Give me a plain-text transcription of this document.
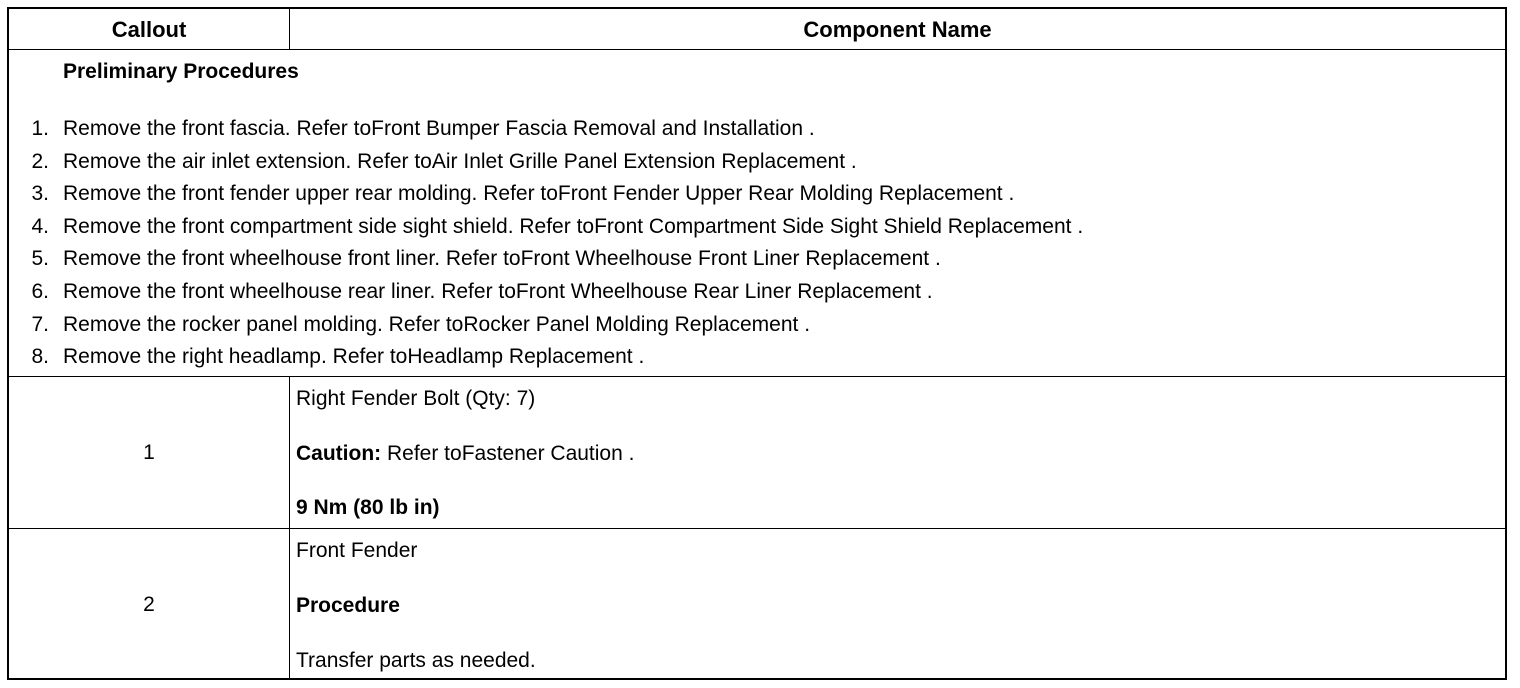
Callout	Component Name
Preliminary Procedures
1. Remove the front fascia. Refer toFront Bumper Fascia Removal and Installation .
2. Remove the air inlet extension. Refer toAir Inlet Grille Panel Extension Replacement .
3. Remove the front fender upper rear molding. Refer toFront Fender Upper Rear Molding Replacement .
4. Remove the front compartment side sight shield. Refer toFront Compartment Side Sight Shield Replacement .
5. Remove the front wheelhouse front liner. Refer toFront Wheelhouse Front Liner Replacement .
6. Remove the front wheelhouse rear liner. Refer toFront Wheelhouse Rear Liner Replacement .
7. Remove the rocker panel molding. Refer toRocker Panel Molding Replacement .
8. Remove the right headlamp. Refer toHeadlamp Replacement .
1
Right Fender Bolt (Qty: 7)
Caution: Refer toFastener Caution .
9 Nm (80 lb in)
2
Front Fender
Procedure
Transfer parts as needed.
